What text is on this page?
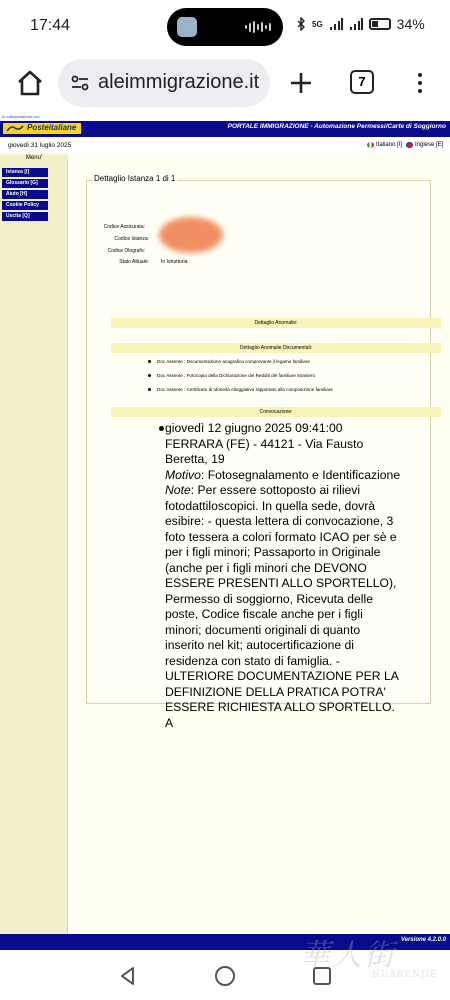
17:44	5G	34%
aleimmigrazione.it	7
in collaborazione con
Posteitaliane	PORTALE IMMIGRAZIONE - Automazione Permessi/Carte di Soggiorno
giovedì 31 luglio 2025	Italiano [I] Inglese [E]
Menu'
Istanza [I]
Glossario [G]
Aiuto [H]
Cookie Policy
Uscita [Q]
Codice Assicurata:
Codice Istanza:
Codice Olografo:
Stato Attuale: In Istruttoria
Dettaglio Anomalie:
Dettaglio Anomalie Documentali:
Doc Assente : Documentazione anagrafica comprovante il legame familiare
Doc Assente : Fotocopia della Dichiarazione dei Redditi del familiare straniero
Doc Assente : Certificato di Idoneità Alloggiativa rapportato alla composizione familiare
Convocazione:

giovedì 12 giugno 2025 09:41:00

FERRARA (FE) - 44121 - Via Fausto Beretta, 19

Motivo: Fotosegnalamento e Identificazione

Note: Per essere sottoposto ai rilievi fotodattiloscopici. In quella sede, dovrà esibire: - questa lettera di convocazione, 3 foto tessera a colori formato ICAO per sè e per i figli minori; Passaporto in Originale (anche per i figli minori che DEVONO ESSERE PRESENTI ALLO SPORTELLO), Permesso di soggiorno, Ricevuta delle poste, Codice fiscale anche per i figli minori; documenti originali di quanto inserito nel kit; autocertificazione di residenza con stato di famiglia. - ULTERIORE DOCUMENTAZIONE PER LA DEFINIZIONE DELLA PRATICA POTRA' ESSERE RICHIESTA ALLO SPORTELLO. A

Dettaglio Istanza 1 di 1
Versione 4.2.0.0
華人街
HUARENJIE
